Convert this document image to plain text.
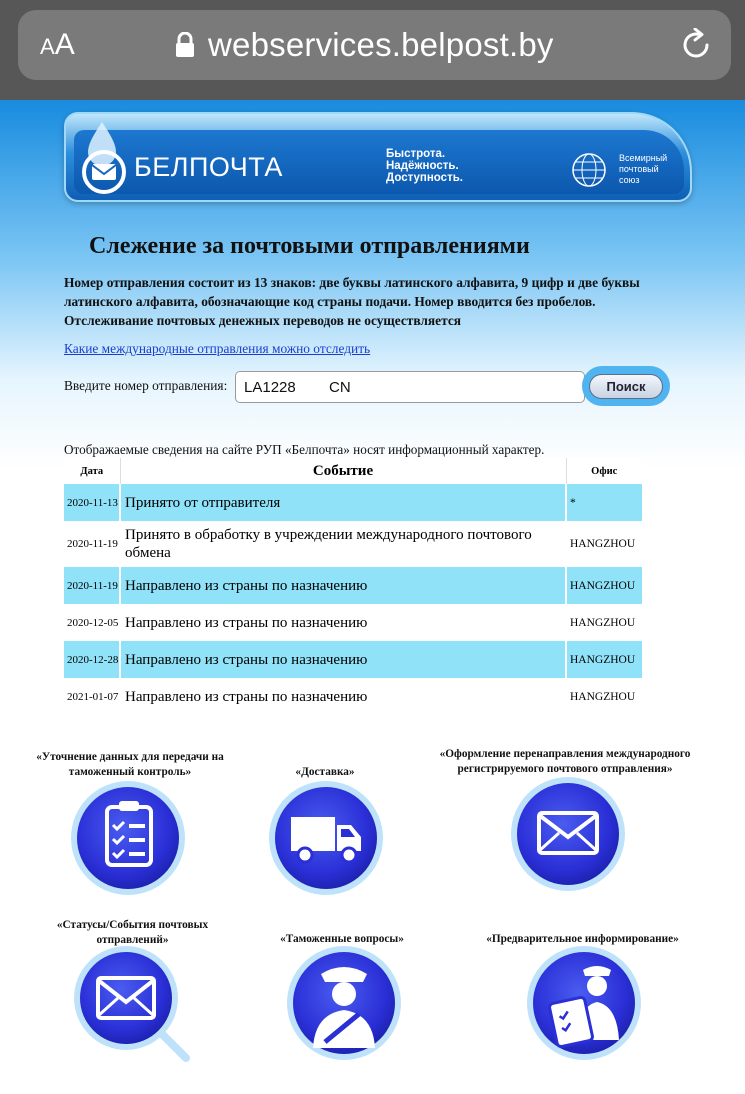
AA	webservices.belpost.by
БЕЛПОЧТА	Быстрота.
Надёжность.
Доступность.
Всемирный
почтовый
союз
Слежение за почтовыми отправлениями

Номер отправления состоит из 13 знаков: две буквы латинского алфавита, 9 цифр и две буквы латинского алфавита, обозначающие код страны подачи. Номер вводится без пробелов. Отслеживание почтовых денежных переводов не осуществляется

Какие международные отправления можно отследить
Введите номер отправления:
LA1228 CN	Поиск
Отображаемые сведения на сайте РУП «Белпочта» носят информационный характер.
Дата	Событие	Офис
2020-11-13	Принято от отправителя	*
2020-11-19	Принято в обработку в учреждении международного почтового обмена	HANGZHOU
2020-11-19	Направлено из страны по назначению	HANGZHOU
2020-12-05	Направлено из страны по назначению	HANGZHOU
2020-12-28	Направлено из страны по назначению	HANGZHOU
2021-01-07	Направлено из страны по назначению	HANGZHOU
«Уточнение данных для передачи на таможенный контроль»	«Доставка»
«Оформление перенаправления международного регистрируемого почтового отправления»
«Статусы/События почтовых отправлений»	«Таможенные вопросы»	«Предварительное информирование»
